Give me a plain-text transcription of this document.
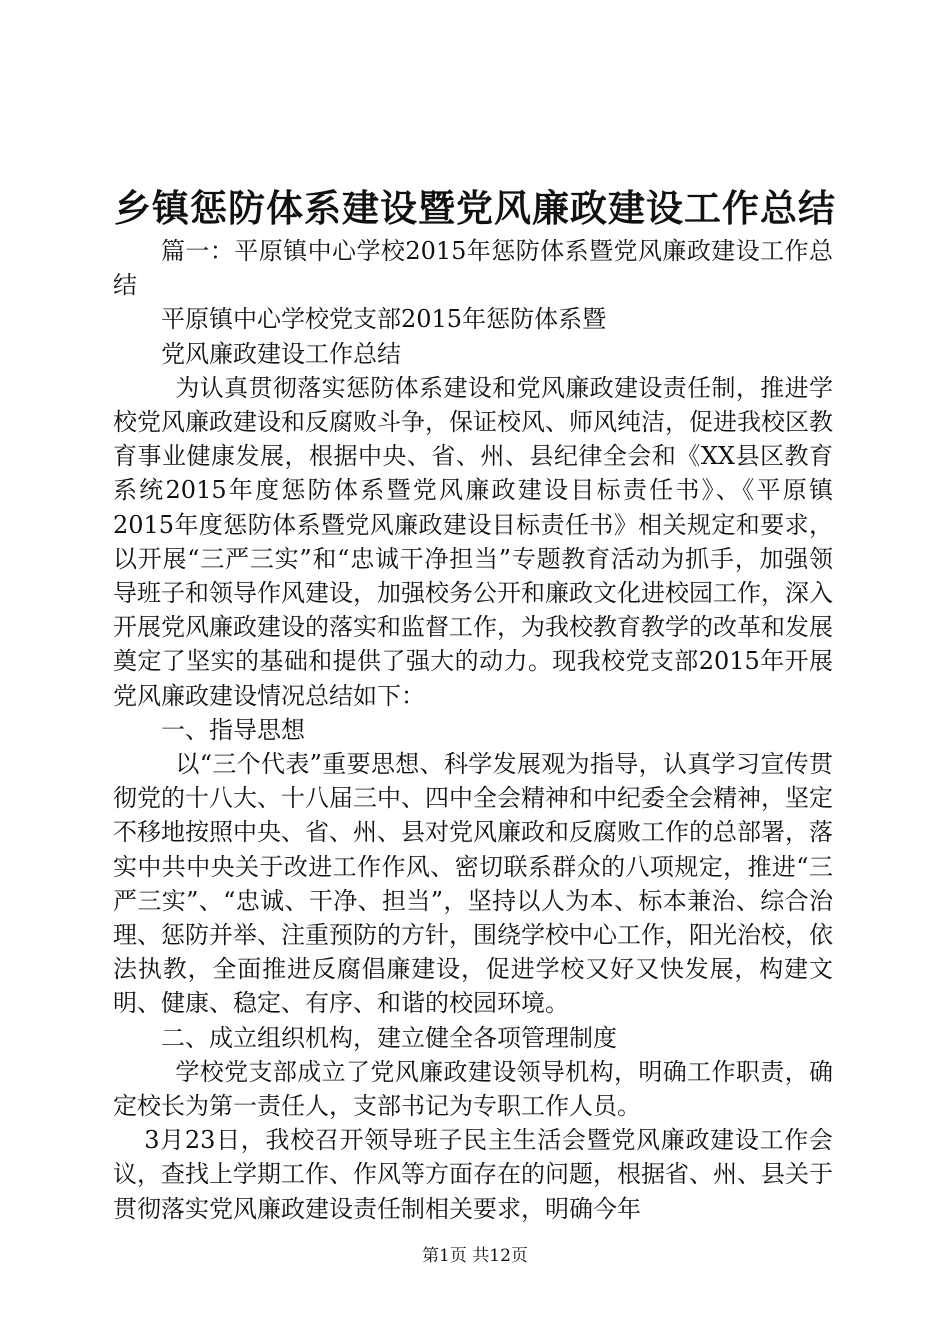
乡镇惩防体系建设暨党风廉政建设工作总结

篇一：平原镇中心学校2015年惩防体系暨党风廉政建设工作总结

平原镇中心学校党支部2015年惩防体系暨

党风廉政建设工作总结

为认真贯彻落实惩防体系建设和党风廉政建设责任制，推进学校党风廉政建设和反腐败斗争，保证校风、师风纯洁，促进我校区教育事业健康发展，根据中央、省、州、县纪律全会和《XX县区教育系统2015年度惩防体系暨党风廉政建设目标责任书》、《平原镇2015年度惩防体系暨党风廉政建设目标责任书》相关规定和要求，以开展“三严三实”和“忠诚干净担当”专题教育活动为抓手，加强领导班子和领导作风建设，加强校务公开和廉政文化进校园工作，深入开展党风廉政建设的落实和监督工作，为我校教育教学的改革和发展奠定了坚实的基础和提供了强大的动力。现我校党支部2015年开展党风廉政建设情况总结如下：

一、指导思想

以“三个代表”重要思想、科学发展观为指导，认真学习宣传贯彻党的十八大、十八届三中、四中全会精神和中纪委全会精神，坚定不移地按照中央、省、州、县对党风廉政和反腐败工作的总部署，落实中共中央关于改进工作作风、密切联系群众的八项规定，推进“三严三实”、“忠诚、干净、担当”，坚持以人为本、标本兼治、综合治理、惩防并举、注重预防的方针，围绕学校中心工作，阳光治校，依法执教，全面推进反腐倡廉建设，促进学校又好又快发展，构建文明、健康、稳定、有序、和谐的校园环境。

二、成立组织机构，建立健全各项管理制度

学校党支部成立了党风廉政建设领导机构，明确工作职责，确定校长为第一责任人，支部书记为专职工作人员。

3月23日，我校召开领导班子民主生活会暨党风廉政建设工作会议，查找上学期工作、作风等方面存在的问题，根据省、州、县关于贯彻落实党风廉政建设责任制相关要求，明确今年

第1页 共12页
